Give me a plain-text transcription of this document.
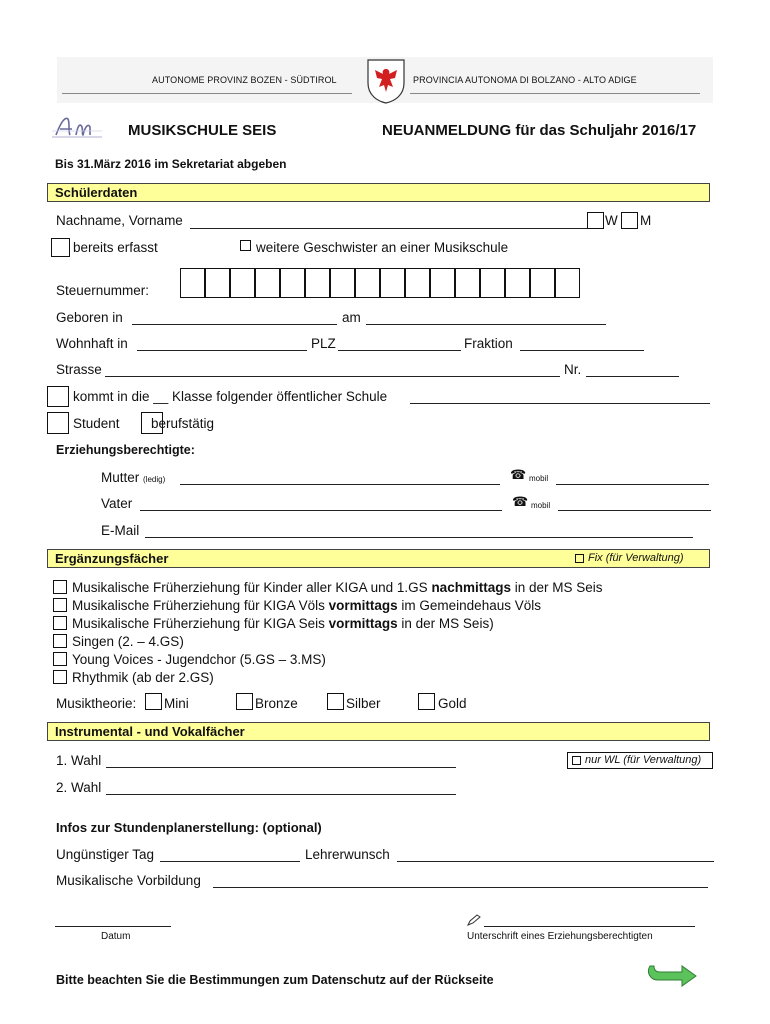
AUTONOME PROVINZ BOZEN - SÜDTIROL	PROVINCIA AUTONOMA DI BOLZANO - ALTO ADIGE
MUSIKSCHULE SEIS	NEUANMELDUNG für das Schuljahr 2016/17
Bis 31.März 2016 im Sekretariat abgeben
Schülerdaten
Nachname, Vorname	W M
bereits erfasst	weitere Geschwister an einer Musikschule
Steuernummer:
Geboren in	am
Wohnhaft in	PLZ	Fraktion
Strasse	Nr.
kommt in die __ Klasse folgender öffentlicher Schule
Student berufstätig
Erziehungsberechtigte:
Mutter (ledig)	☎ mobil
Vater	☎ mobil
E-Mail
Ergänzungsfächer	Fix (für Verwaltung)
Musikalische Früherziehung für Kinder aller KIGA und 1.GS nachmittags in der MS Seis
Musikalische Früherziehung für KIGA Völs vormittags im Gemeindehaus Völs
Musikalische Früherziehung für KIGA Seis vormittags in der MS Seis)
Singen (2. – 4.GS)
Young Voices - Jugendchor (5.GS – 3.MS)
Rhythmik (ab der 2.GS)
Musiktheorie: Mini	Bronze	Silber	Gold
Instrumental - und Vokalfächer
1. Wahl	nur WL (für Verwaltung)
2. Wahl
Infos zur Stundenplanerstellung: (optional)
Ungünstiger Tag	Lehrerwunsch
Musikalische Vorbildung
Datum	Unterschrift eines Erziehungsberechtigten
Bitte beachten Sie die Bestimmungen zum Datenschutz auf der Rückseite
